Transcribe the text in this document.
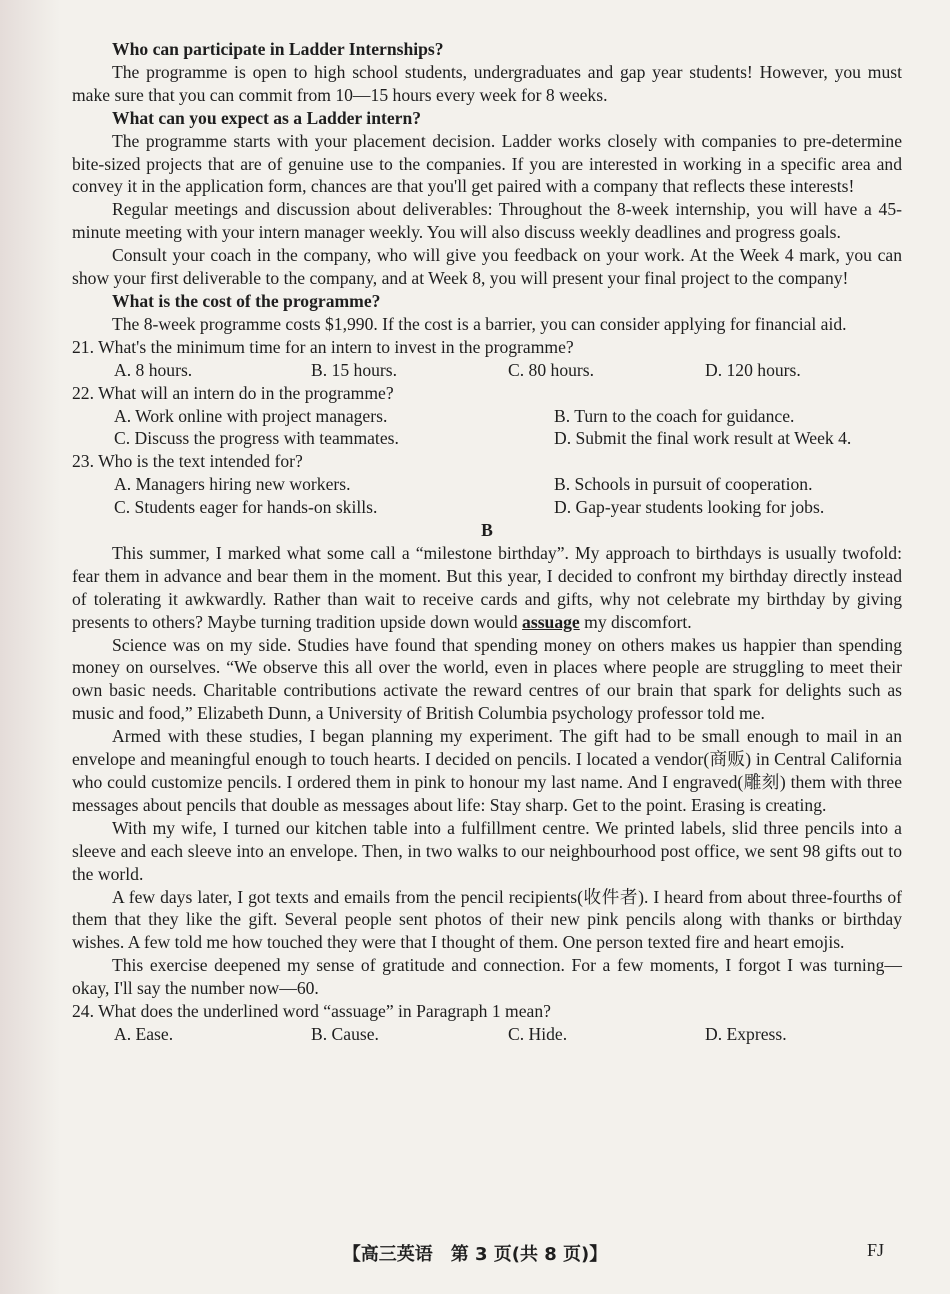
Who can participate in Ladder Internships?

The programme is open to high school students, undergraduates and gap year students! However, you must make sure that you can commit from 10—15 hours every week for 8 weeks.

What can you expect as a Ladder intern?

The programme starts with your placement decision. Ladder works closely with companies to pre-determine bite-sized projects that are of genuine use to the companies. If you are interested in working in a specific area and convey it in the application form, chances are that you'll get paired with a company that reflects these interests!

Regular meetings and discussion about deliverables: Throughout the 8-week internship, you will have a 45-minute meeting with your intern manager weekly. You will also discuss weekly deadlines and progress goals.

Consult your coach in the company, who will give you feedback on your work. At the Week 4 mark, you can show your first deliverable to the company, and at Week 8, you will present your final project to the company!

What is the cost of the programme?

The 8-week programme costs $1,990. If the cost is a barrier, you can consider applying for financial aid.

21. What's the minimum time for an intern to invest in the programme?

A. 8 hours.	B. 15 hours.	C. 80 hours.	D. 120 hours.

22. What will an intern do in the programme?

A. Work online with project managers.	B. Turn to the coach for guidance.
C. Discuss the progress with teammates.	D. Submit the final work result at Week 4.

23. Who is the text intended for?

A. Managers hiring new workers.	B. Schools in pursuit of cooperation.
C. Students eager for hands-on skills.	D. Gap-year students looking for jobs.
B

This summer, I marked what some call a “milestone birthday”. My approach to birthdays is usually twofold: fear them in advance and bear them in the moment. But this year, I decided to confront my birthday directly instead of tolerating it awkwardly. Rather than wait to receive cards and gifts, why not celebrate my birthday by giving presents to others? Maybe turning tradition upside down would assuage my discomfort.

Science was on my side. Studies have found that spending money on others makes us happier than spending money on ourselves. “We observe this all over the world, even in places where people are struggling to meet their own basic needs. Charitable contributions activate the reward centres of our brain that spark for delights such as music and food,” Elizabeth Dunn, a University of British Columbia psychology professor told me.

Armed with these studies, I began planning my experiment. The gift had to be small enough to mail in an envelope and meaningful enough to touch hearts. I decided on pencils. I located a vendor(商贩) in Central California who could customize pencils. I ordered them in pink to honour my last name. And I engraved(雕刻) them with three messages about pencils that double as messages about life: Stay sharp. Get to the point. Erasing is creating.

With my wife, I turned our kitchen table into a fulfillment centre. We printed labels, slid three pencils into a sleeve and each sleeve into an envelope. Then, in two walks to our neighbourhood post office, we sent 98 gifts out to the world.

A few days later, I got texts and emails from the pencil recipients(收件者). I heard from about three-fourths of them that they like the gift. Several people sent photos of their new pink pencils along with thanks or birthday wishes. A few told me how touched they were that I thought of them. One person texted fire and heart emojis.

This exercise deepened my sense of gratitude and connection. For a few moments, I forgot I was turning—okay, I'll say the number now—60.

24. What does the underlined word “assuage” in Paragraph 1 mean?

A. Ease.	B. Cause.	C. Hide.	D. Express.
【高三英语　第 3 页(共 8 页)】	FJ
